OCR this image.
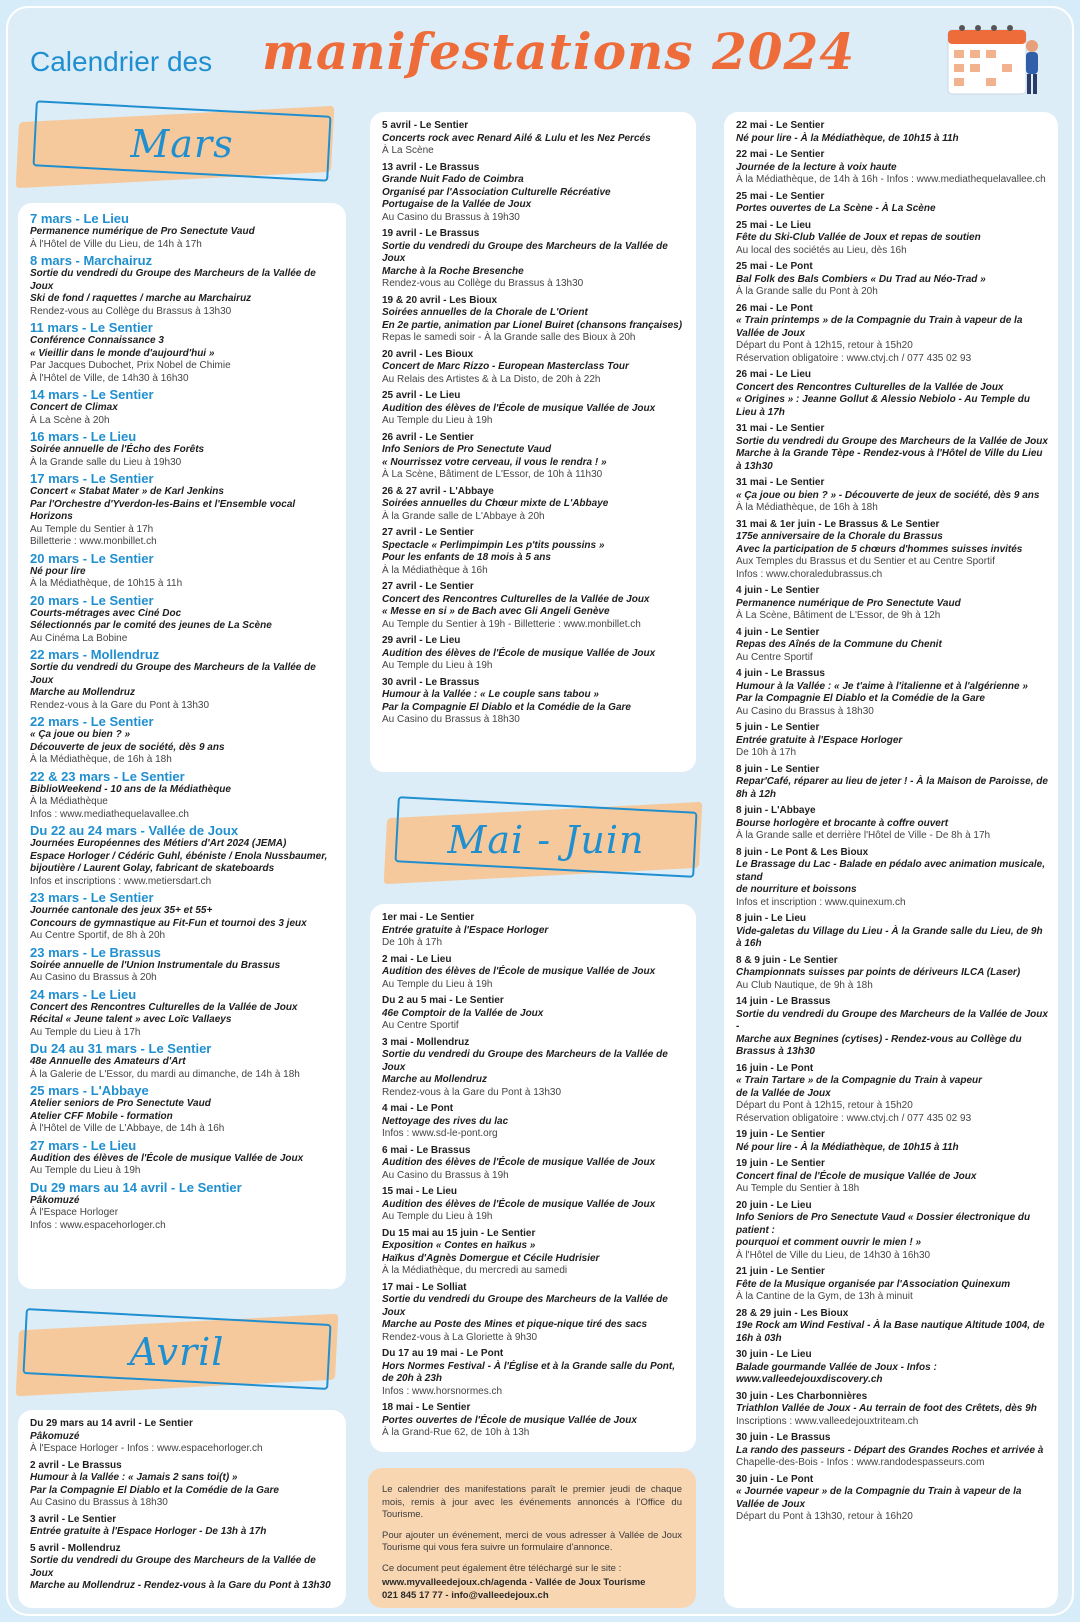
Calendrier des manifestations 2024
Mars
7 mars - Le Lieu
Permanence numérique de Pro Senectute Vaud
À l'Hôtel de Ville du Lieu, de 14h à 17h
8 mars - Marchairuz
Sortie du vendredi du Groupe des Marcheurs de la Vallée de Joux
Ski de fond / raquettes / marche au Marchairuz
Rendez-vous au Collège du Brassus à 13h30
11 mars - Le Sentier
Conférence Connaissance 3
« Vieillir dans le monde d'aujourd'hui »
Par Jacques Dubochet, Prix Nobel de Chimie
À l'Hôtel de Ville, de 14h30 à 16h30
14 mars - Le Sentier
Concert de Climax
À La Scène à 20h
16 mars - Le Lieu
Soirée annuelle de l'Écho des Forêts
À la Grande salle du Lieu à 19h30
17 mars - Le Sentier
Concert « Stabat Mater » de Karl Jenkins
Par l'Orchestre d'Yverdon-les-Bains et l'Ensemble vocal Horizons
Au Temple du Sentier à 17h
Billetterie : www.monbillet.ch
20 mars - Le Sentier
Né pour lire
À la Médiathèque, de 10h15 à 11h
20 mars - Le Sentier
Courts-métrages avec Ciné Doc
Sélectionnés par le comité des jeunes de La Scène
Au Cinéma La Bobine
22 mars - Mollendruz
Sortie du vendredi du Groupe des Marcheurs de la Vallée de Joux
Marche au Mollendruz
Rendez-vous à la Gare du Pont à 13h30
22 mars - Le Sentier
« Ça joue ou bien ? »
Découverte de jeux de société, dès 9 ans
À la Médiathèque, de 16h à 18h
22 & 23 mars - Le Sentier
BiblioWeekend - 10 ans de la Médiathèque
À la Médiathèque
Infos : www.mediathequelavallee.ch
Du 22 au 24 mars - Vallée de Joux
Journées Européennes des Métiers d'Art 2024 (JEMA)
Espace Horloger / Cédéric Guhl, ébéniste / Enola Nussbaumer,
bijoutière / Laurent Golay, fabricant de skateboards
Infos et inscriptions : www.metiersdart.ch
23 mars - Le Sentier
Journée cantonale des jeux 35+ et 55+
Concours de gymnastique au Fit-Fun et tournoi des 3 jeux
Au Centre Sportif, de 8h à 20h
23 mars - Le Brassus
Soirée annuelle de l'Union Instrumentale du Brassus
Au Casino du Brassus à 20h
24 mars - Le Lieu
Concert des Rencontres Culturelles de la Vallée de Joux
Récital « Jeune talent » avec Loïc Vallaeys
Au Temple du Lieu à 17h
Du 24 au 31 mars - Le Sentier
48e Annuelle des Amateurs d'Art
À la Galerie de L'Essor, du mardi au dimanche, de 14h à 18h
25 mars - L'Abbaye
Atelier seniors de Pro Senectute Vaud
Atelier CFF Mobile - formation
À l'Hôtel de Ville de L'Abbaye, de 14h à 16h
27 mars - Le Lieu
Audition des élèves de l'École de musique Vallée de Joux
Au Temple du Lieu à 19h
Du 29 mars au 14 avril - Le Sentier
Pâkomuzé
À l'Espace Horloger
Infos : www.espacehorloger.ch
Avril
Du 29 mars au 14 avril - Le Sentier
Pâkomuzé
À l'Espace Horloger - Infos : www.espacehorloger.ch
2 avril - Le Brassus
Humour à la Vallée : « Jamais 2 sans toi(t) »
Par la Compagnie El Diablo et la Comédie de la Gare
Au Casino du Brassus à 18h30
3 avril - Le Sentier
Entrée gratuite à l'Espace Horloger - De 13h à 17h
5 avril - Mollendruz
Sortie du vendredi du Groupe des Marcheurs de la Vallée de Joux
Marche au Mollendruz - Rendez-vous à la Gare du Pont à 13h30
5 avril - Le Sentier
Concerts rock avec Renard Ailé & Lulu et les Nez Percés
À La Scène
13 avril - Le Brassus
Grande Nuit Fado de Coimbra
Organisé par l'Association Culturelle Récréative
Portugaise de la Vallée de Joux
Au Casino du Brassus à 19h30
19 avril - Le Brassus
Sortie du vendredi du Groupe des Marcheurs de la Vallée de Joux
Marche à la Roche Bresenche
Rendez-vous au Collège du Brassus à 13h30
19 & 20 avril - Les Bioux
Soirées annuelles de la Chorale de L'Orient
En 2e partie, animation par Lionel Buiret (chansons françaises)
Repas le samedi soir - À la Grande salle des Bioux à 20h
20 avril - Les Bioux
Concert de Marc Rizzo - European Masterclass Tour
Au Relais des Artistes & à La Disto, de 20h à 22h
25 avril - Le Lieu
Audition des élèves de l'École de musique Vallée de Joux
Au Temple du Lieu à 19h
26 avril - Le Sentier
Info Seniors de Pro Senectute Vaud
« Nourrissez votre cerveau, il vous le rendra ! »
À La Scène, Bâtiment de L'Essor, de 10h à 11h30
26 & 27 avril - L'Abbaye
Soirées annuelles du Chœur mixte de L'Abbaye
À la Grande salle de L'Abbaye à 20h
27 avril - Le Sentier
Spectacle « Perlimpimpin Les p'tits poussins »
Pour les enfants de 18 mois à 5 ans
À la Médiathèque à 16h
27 avril - Le Sentier
Concert des Rencontres Culturelles de la Vallée de Joux
« Messe en si » de Bach avec Gli Angeli Genève
Au Temple du Sentier à 19h - Billetterie : www.monbillet.ch
29 avril - Le Lieu
Audition des élèves de l'École de musique Vallée de Joux
Au Temple du Lieu à 19h
30 avril - Le Brassus
Humour à la Vallée : « Le couple sans tabou »
Par la Compagnie El Diablo et la Comédie de la Gare
Au Casino du Brassus à 18h30
Mai - Juin
1er mai - Le Sentier
Entrée gratuite à l'Espace Horloger
De 10h à 17h
2 mai - Le Lieu
Audition des élèves de l'École de musique Vallée de Joux
Au Temple du Lieu à 19h
Du 2 au 5 mai - Le Sentier
46e Comptoir de la Vallée de Joux
Au Centre Sportif
3 mai - Mollendruz
Sortie du vendredi du Groupe des Marcheurs de la Vallée de Joux
Marche au Mollendruz
Rendez-vous à la Gare du Pont à 13h30
4 mai - Le Pont
Nettoyage des rives du lac
Infos : www.sd-le-pont.org
6 mai - Le Brassus
Audition des élèves de l'École de musique Vallée de Joux
Au Casino du Brassus à 19h
15 mai - Le Lieu
Audition des élèves de l'École de musique Vallée de Joux
Au Temple du Lieu à 19h
Du 15 mai au 15 juin - Le Sentier
Exposition « Contes en haïkus »
Haïkus d'Agnès Domergue et Cécile Hudrisier
À la Médiathèque, du mercredi au samedi
17 mai - Le Solliat
Sortie du vendredi du Groupe des Marcheurs de la Vallée de Joux
Marche au Poste des Mines et pique-nique tiré des sacs
Rendez-vous à La Gloriette à 9h30
Du 17 au 19 mai - Le Pont
Hors Normes Festival - À l'Église et à la Grande salle du Pont, de 20h à 23h
Infos : www.horsnormes.ch
18 mai - Le Sentier
Portes ouvertes de l'École de musique Vallée de Joux
À la Grand-Rue 62, de 10h à 13h

Le calendrier des manifestations paraît le premier jeudi de chaque mois, remis à jour avec les événements annoncés à l'Office du Tourisme.

Pour ajouter un événement, merci de vous adresser à Vallée de Joux Tourisme qui vous fera suivre un formulaire d'annonce.

Ce document peut également être téléchargé sur le site :

www.myvalleedejoux.ch/agenda - Vallée de Joux Tourisme

021 845 17 77 - info@valleedejoux.ch

22 mai - Le Sentier
Né pour lire - À la Médiathèque, de 10h15 à 11h
22 mai - Le Sentier
Journée de la lecture à voix haute
À la Médiathèque, de 14h à 16h - Infos : www.mediathequelavallee.ch
25 mai - Le Sentier
Portes ouvertes de La Scène - À La Scène
25 mai - Le Lieu
Fête du Ski-Club Vallée de Joux et repas de soutien
Au local des sociétés au Lieu, dès 16h
25 mai - Le Pont
Bal Folk des Bals Combiers « Du Trad au Néo-Trad »
À la Grande salle du Pont à 20h
26 mai - Le Pont
« Train printemps » de la Compagnie du Train à vapeur de la Vallée de Joux
Départ du Pont à 12h15, retour à 15h20
Réservation obligatoire : www.ctvj.ch / 077 435 02 93
26 mai - Le Lieu
Concert des Rencontres Culturelles de la Vallée de Joux
« Origines » : Jeanne Gollut & Alessio Nebiolo - Au Temple du Lieu à 17h
31 mai - Le Sentier
Sortie du vendredi du Groupe des Marcheurs de la Vallée de Joux
Marche à la Grande Tèpe - Rendez-vous à l'Hôtel de Ville du Lieu à 13h30
31 mai - Le Sentier
« Ça joue ou bien ? » - Découverte de jeux de société, dès 9 ans
À la Médiathèque, de 16h à 18h
31 mai & 1er juin - Le Brassus & Le Sentier
175e anniversaire de la Chorale du Brassus
Avec la participation de 5 chœurs d'hommes suisses invités
Aux Temples du Brassus et du Sentier et au Centre Sportif
Infos : www.choraledubrassus.ch
4 juin - Le Sentier
Permanence numérique de Pro Senectute Vaud
À La Scène, Bâtiment de L'Essor, de 9h à 12h
4 juin - Le Sentier
Repas des Aînés de la Commune du Chenit
Au Centre Sportif
4 juin - Le Brassus
Humour à la Vallée : « Je t'aime à l'italienne et à l'algérienne »
Par la Compagnie El Diablo et la Comédie de la Gare
Au Casino du Brassus à 18h30
5 juin - Le Sentier
Entrée gratuite à l'Espace Horloger
De 10h à 17h
8 juin - Le Sentier
Repar'Café, réparer au lieu de jeter ! - À la Maison de Paroisse, de 8h à 12h
8 juin - L'Abbaye
Bourse horlogère et brocante à coffre ouvert
À la Grande salle et derrière l'Hôtel de Ville - De 8h à 17h
8 juin - Le Pont & Les Bioux
Le Brassage du Lac - Balade en pédalo avec animation musicale, stand
de nourriture et boissons
Infos et inscription : www.quinexum.ch
8 juin - Le Lieu
Vide-galetas du Village du Lieu - À la Grande salle du Lieu, de 9h à 16h
8 & 9 juin - Le Sentier
Championnats suisses par points de dériveurs ILCA (Laser)
Au Club Nautique, de 9h à 18h
14 juin - Le Brassus
Sortie du vendredi du Groupe des Marcheurs de la Vallée de Joux -
Marche aux Begnines (cytises) - Rendez-vous au Collège du Brassus à 13h30
16 juin - Le Pont
« Train Tartare » de la Compagnie du Train à vapeur
de la Vallée de Joux
Départ du Pont à 12h15, retour à 15h20
Réservation obligatoire : www.ctvj.ch / 077 435 02 93
19 juin - Le Sentier
Né pour lire - À la Médiathèque, de 10h15 à 11h
19 juin - Le Sentier
Concert final de l'École de musique Vallée de Joux
Au Temple du Sentier à 18h
20 juin - Le Lieu
Info Seniors de Pro Senectute Vaud « Dossier électronique du patient :
pourquoi et comment ouvrir le mien ! »
À l'Hôtel de Ville du Lieu, de 14h30 à 16h30
21 juin - Le Sentier
Fête de la Musique organisée par l'Association Quinexum
À la Cantine de la Gym, de 13h à minuit
28 & 29 juin - Les Bioux
19e Rock am Wind Festival - À la Base nautique Altitude 1004, de 16h à 03h
30 juin - Le Lieu
Balade gourmande Vallée de Joux - Infos : www.valleedejouxdiscovery.ch
30 juin - Les Charbonnières
Triathlon Vallée de Joux - Au terrain de foot des Crêtets, dès 9h
Inscriptions : www.valleedejouxtriteam.ch
30 juin - Le Brassus
La rando des passeurs - Départ des Grandes Roches et arrivée à
Chapelle-des-Bois - Infos : www.randodespasseurs.com
30 juin - Le Pont
« Journée vapeur » de la Compagnie du Train à vapeur de la Vallée de Joux
Départ du Pont à 13h30, retour à 16h20
